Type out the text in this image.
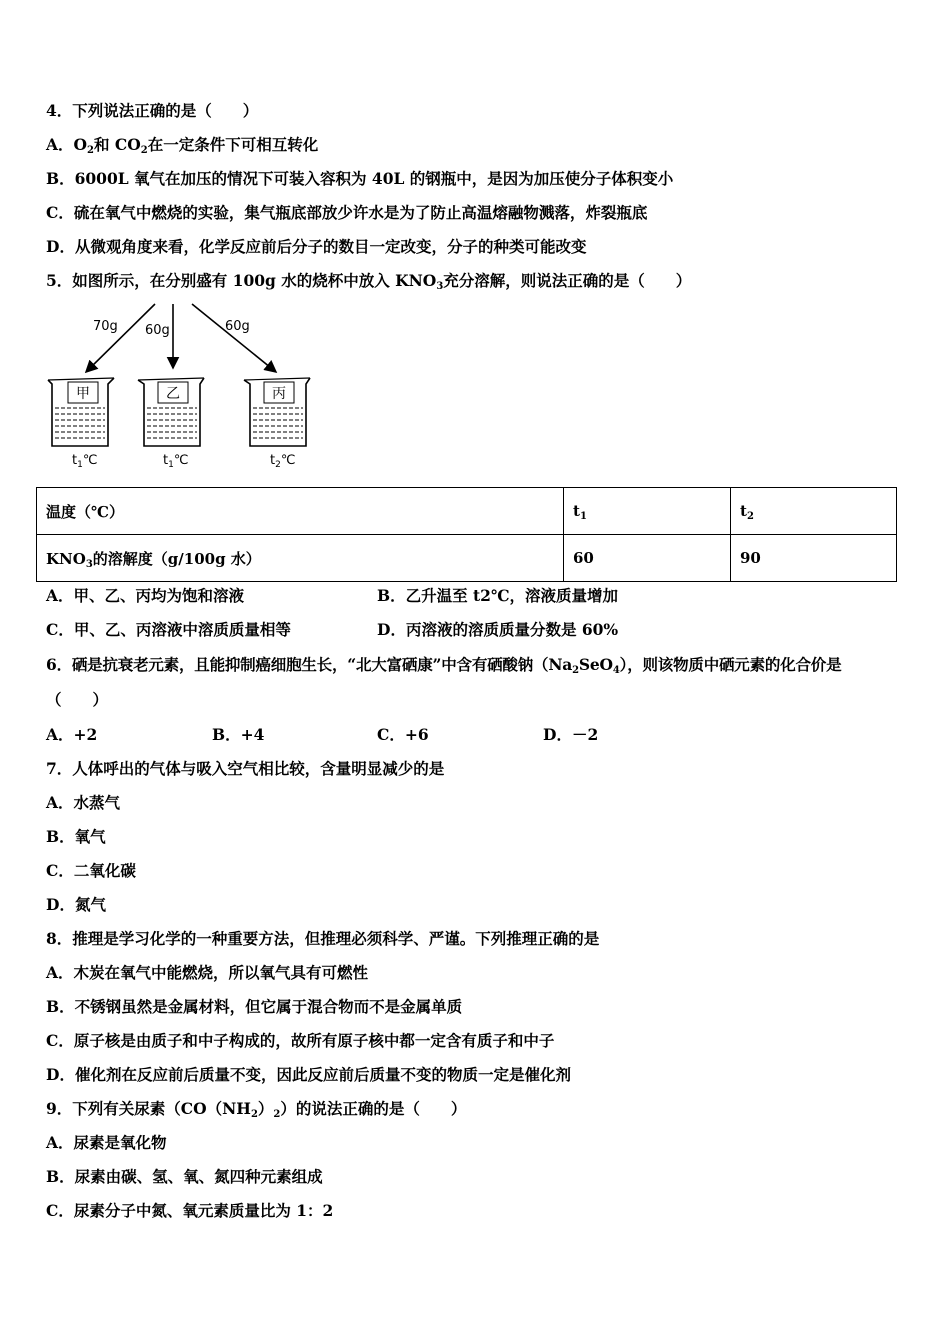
4．下列说法正确的是（　　）
A．$O_2$和 $CO_2$在一定条件下可相互转化
B．6000L 氧气在加压的情况下可装入容积为 40L 的钢瓶中，是因为加压使分子体积变小
C．硫在氧气中燃烧的实验，集气瓶底部放少许水是为了防止高温熔融物溅落，炸裂瓶底
D．从微观角度来看，化学反应前后分子的数目一定改变，分子的种类可能改变
5．如图所示，在分别盛有 100g 水的烧杯中放入 $KNO_3$充分溶解，则说法正确的是（　　）
70g 60g	60g
甲
$t_1℃$
乙
$t_1℃$
丙
$t_2℃$
温度（℃）	$t_1$	$t_2$
$KNO_3$的溶解度（g/100g 水）	60	90
A．甲、乙、丙均为饱和溶液	B．乙升温至 t2℃，溶液质量增加
C．甲、乙、丙溶液中溶质质量相等	D．丙溶液的溶质质量分数是 60%
6．硒是抗衰老元素，且能抑制癌细胞生长，“北大富硒康”中含有硒酸钠$(Na_2SeO_4)$，则该物质中硒元素的化合价是
（　　）
A．+2	B．+4	C．+6	D．－2
7．人体呼出的气体与吸入空气相比较，含量明显减少的是
A．水蒸气
B．氧气
C．二氧化碳
D．氮气
8．推理是学习化学的一种重要方法，但推理必须科学、严谨。下列推理正确的是
A．木炭在氧气中能燃烧，所以氧气具有可燃性
B．不锈钢虽然是金属材料，但它属于混合物而不是金属单质
C．原子核是由质子和中子构成的，故所有原子核中都一定含有质子和中子
D．催化剂在反应前后质量不变，因此反应前后质量不变的物质一定是催化剂
9．下列有关尿素$(CO(NH_2)_2)$的说法正确的是（　　）
A．尿素是氧化物
B．尿素由碳、氢、氧、氮四种元素组成
C．尿素分子中氮、氧元素质量比为 1：2
